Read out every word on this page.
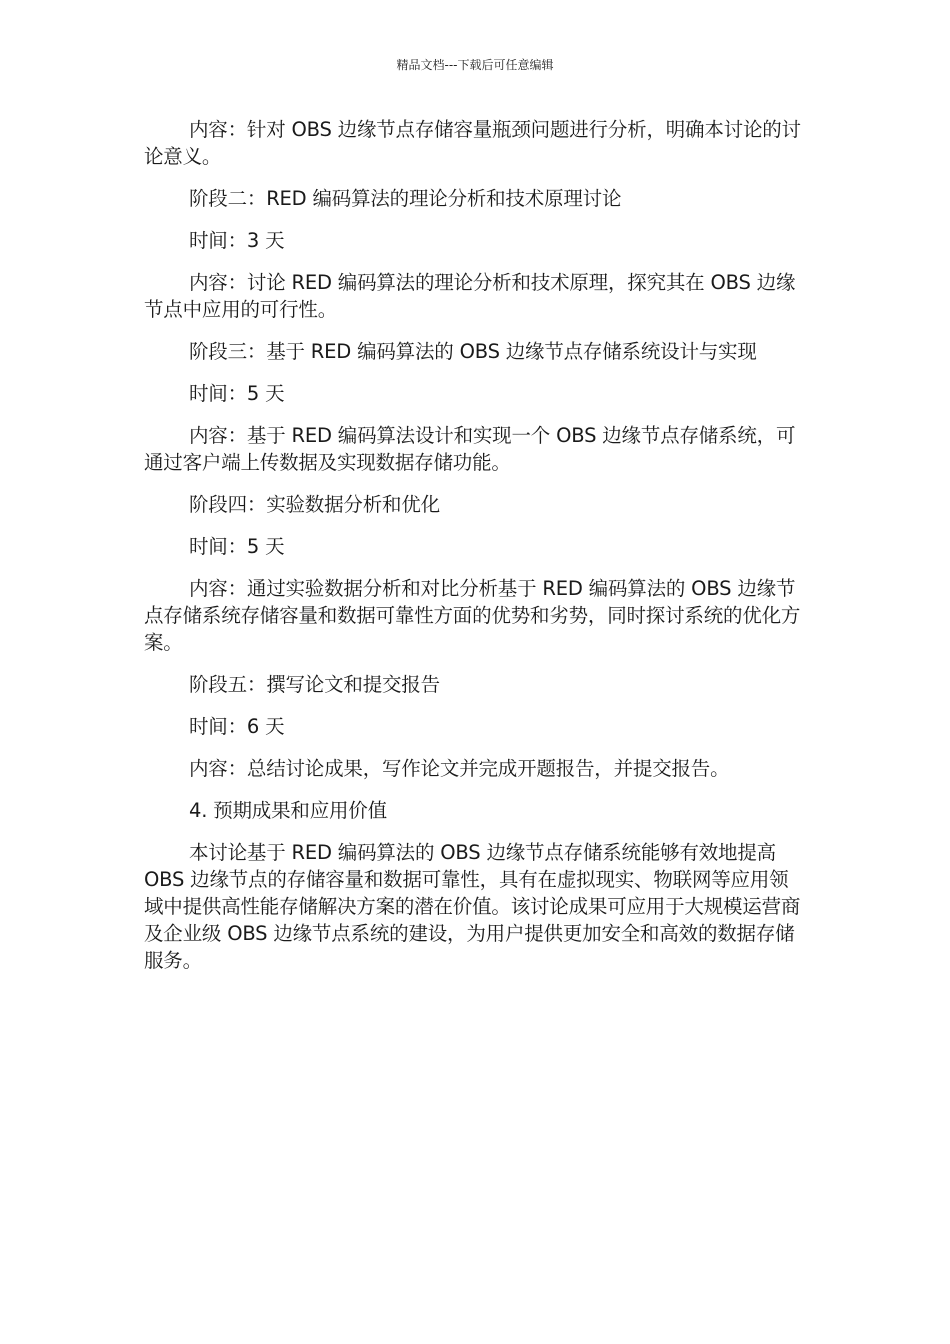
精品文档---下载后可任意编辑

内容：针对 OBS 边缘节点存储容量瓶颈问题进行分析，明确本讨论的讨论意义。

阶段二：RED 编码算法的理论分析和技术原理讨论

时间：3 天

内容：讨论 RED 编码算法的理论分析和技术原理，探究其在 OBS 边缘节点中应用的可行性。

阶段三：基于 RED 编码算法的 OBS 边缘节点存储系统设计与实现

时间：5 天

内容：基于 RED 编码算法设计和实现一个 OBS 边缘节点存储系统，可通过客户端上传数据及实现数据存储功能。

阶段四：实验数据分析和优化

时间：5 天

内容：通过实验数据分析和对比分析基于 RED 编码算法的 OBS 边缘节点存储系统存储容量和数据可靠性方面的优势和劣势，同时探讨系统的优化方案。

阶段五：撰写论文和提交报告

时间：6 天

内容：总结讨论成果，写作论文并完成开题报告，并提交报告。

4. 预期成果和应用价值

本讨论基于 RED 编码算法的 OBS 边缘节点存储系统能够有效地提高 OBS 边缘节点的存储容量和数据可靠性，具有在虚拟现实、物联网等应用领域中提供高性能存储解决方案的潜在价值。该讨论成果可应用于大规模运营商及企业级 OBS 边缘节点系统的建设，为用户提供更加安全和高效的数据存储服务。
